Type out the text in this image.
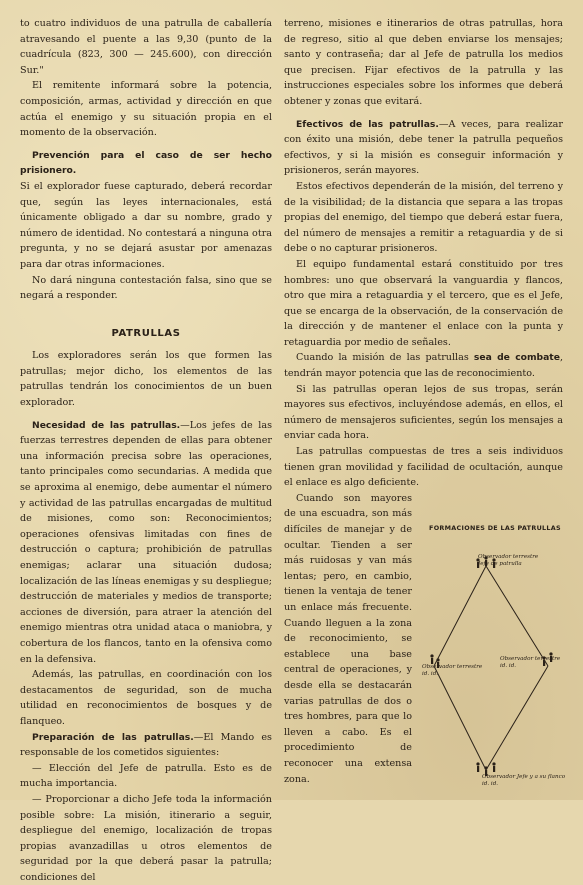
to cuatro individuos de una patrulla de caballería atravesando el puente a las 9,30 (punto de la cuadrícula (823, 300 — 245.600), con dirección Sur."

El remitente informará sobre la potencia, composición, armas, actividad y dirección en que actúa el enemigo y su situación propia en el momento de la observación.

Prevención para el caso de ser hecho prisionero.
Si el explorador fuese capturado, deberá recordar que, según las leyes internacionales, está únicamente obligado a dar su nombre, grado y número de identidad. No contestará a ninguna otra pregunta, y no se dejará asustar por amenazas para dar otras informaciones.

No dará ninguna contestación falsa, sino que se negará a responder.

PATRULLAS

Los exploradores serán los que formen las patrullas; mejor dicho, los elementos de las patrullas tendrán los conocimientos de un buen explorador.

Necesidad de las patrullas.—Los jefes de las fuerzas terrestres dependen de ellas para obtener una información precisa sobre las operaciones, tanto principales como secundarias. A medida que se aproxima al enemigo, debe aumentar el número y actividad de las patrullas encargadas de multitud de misiones, como son: Reconocimientos; operaciones ofensivas limitadas con fines de destrucción o captura; prohibición de patrullas enemigas; aclarar una situación dudosa; localización de las líneas enemigas y su despliegue; destrucción de materiales y medios de transporte; acciones de diversión, para atraer la atención del enemigo mientras otra unidad ataca o maniobra, y cobertura de los flancos, tanto en la ofensiva como en la defensiva.

Además, las patrullas, en coordinación con los destacamentos de seguridad, son de mucha utilidad en reconocimientos de bosques y de flanqueo.

Preparación de las patrullas.—El Mando es responsable de los cometidos siguientes:

— Elección del Jefe de patrulla. Esto es de mucha importancia.

— Proporcionar a dicho Jefe toda la información posible sobre: La misión, itinerario a seguir, despliegue del enemigo, localización de tropas propias avanzadillas u otros elementos de seguridad por la que deberá pasar la patrulla; condiciones del

terreno, misiones e itinerarios de otras patrullas, hora de regreso, sitio al que deben enviarse los mensajes; santo y contraseña; dar al Jefe de patrulla los medios que precisen. Fijar efectivos de la patrulla y las instrucciones especiales sobre los informes que deberá obtener y zonas que evitará.

Efectivos de las patrullas.—A veces, para realizar con éxito una misión, debe tener la patrulla pequeños efectivos, y si la misión es conseguir información y prisioneros, serán mayores.

Estos efectivos dependerán de la misión, del terreno y de la visibilidad; de la distancia que separa a las tropas propias del enemigo, del tiempo que deberá estar fuera, del número de mensajes a remitir a retaguardia y de si debe o no capturar prisioneros.

El equipo fundamental estará constituido por tres hombres: uno que observará la vanguardia y flancos, otro que mira a retaguardia y el tercero, que es el Jefe, que se encarga de la observación, de la conservación de la dirección y de mantener el enlace con la punta y retaguardia por medio de señales.

Cuando la misión de las patrullas sea de combate, tendrán mayor potencia que las de reconocimiento.

Si las patrullas operan lejos de sus tropas, serán mayores sus efectivos, incluyéndose además, en ellos, el número de mensajeros suficientes, según los mensajes a enviar cada hora.

Las patrullas compuestas de tres a seis individuos tienen gran movilidad y facilidad de ocultación, aunque el enlace es algo deficiente.

Cuando son mayores de una escuadra, son más difíciles de manejar y de ocultar. Tienden a ser más ruidosas y van más lentas; pero, en cambio, tienen la ventaja de tener un enlace más frecuente. Cuando lleguen a la zona de reconocimiento, se establece una base central de operaciones, y desde ella se destacarán varias patrullas de dos o tres hombres, para que lo lleven a cabo. Es el procedimiento de reconocer una extensa zona.

FORMACIONES DE LAS PATRULLAS
Observador terrestre
Jefe de patrulla
Observador terrestre
id. id.
Observador terrestre
id. id.
Observador Jefe y a su flanco
id. id.
